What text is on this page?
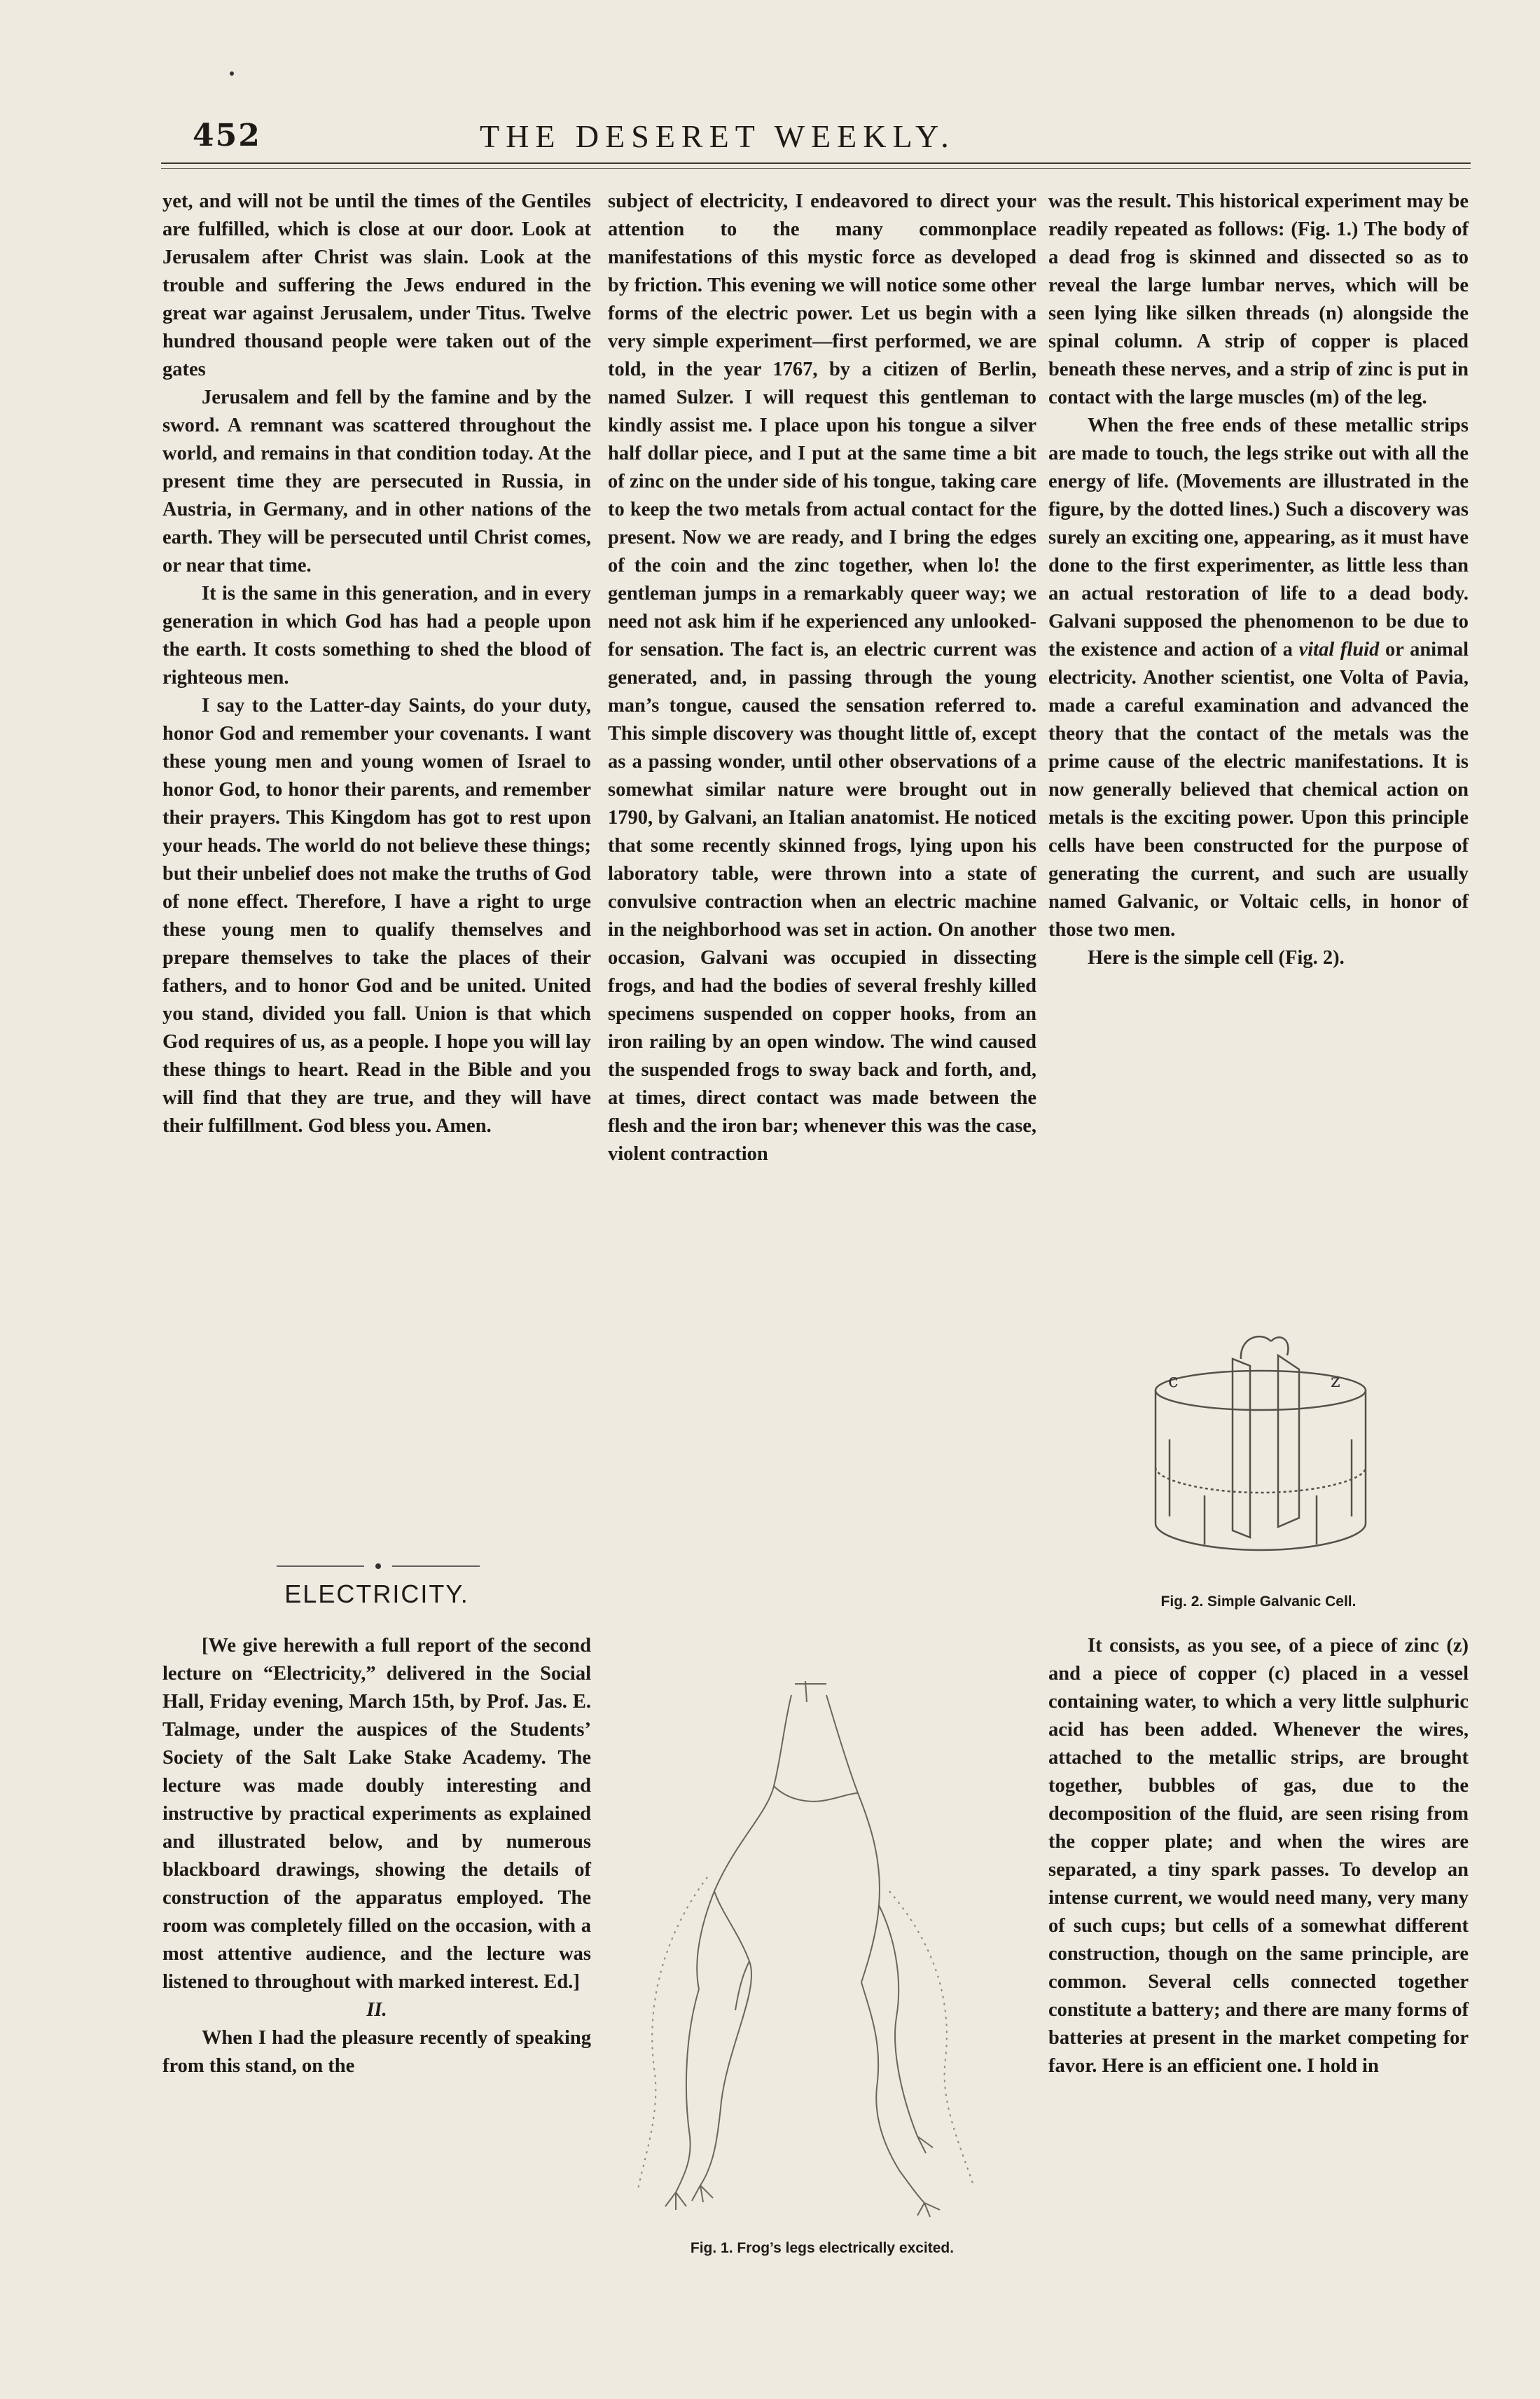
452	THE DESERET WEEKLY.

yet, and will not be until the times of the Gentiles are fulfilled, which is close at our door. Look at Jerusalem after Christ was slain. Look at the trouble and suffering the Jews endured in the great war against Jerusalem, under Titus. Twelve hundred thousand people were taken out of the gates

Jerusalem and fell by the famine and by the sword. A remnant was scattered throughout the world, and remains in that condition today. At the present time they are persecuted in Russia, in Austria, in Germany, and in other nations of the earth. They will be persecuted until Christ comes, or near that time.

It is the same in this generation, and in every generation in which God has had a people upon the earth. It costs something to shed the blood of righteous men.

I say to the Latter-day Saints, do your duty, honor God and remember your covenants. I want these young men and young women of Israel to honor God, to honor their parents, and remember their prayers. This Kingdom has got to rest upon your heads. The world do not believe these things; but their unbelief does not make the truths of God of none effect. Therefore, I have a right to urge these young men to qualify themselves and prepare themselves to take the places of their fathers, and to honor God and be united. United you stand, divided you fall. Union is that which God requires of us, as a people. I hope you will lay these things to heart. Read in the Bible and you will find that they are true, and they will have their fulfillment. God bless you. Amen.

ELECTRICITY.

[We give herewith a full report of the second lecture on “Electricity,” delivered in the Social Hall, Friday evening, March 15th, by Prof. Jas. E. Talmage, under the auspices of the Students’ Society of the Salt Lake Stake Academy. The lecture was made doubly interesting and instructive by practical experiments as explained and illustrated below, and by numerous blackboard drawings, showing the details of construction of the apparatus employed. The room was completely filled on the occasion, with a most attentive audience, and the lecture was listened to throughout with marked interest. Ed.]

II.

When I had the pleasure recently of speaking from this stand, on the

subject of electricity, I endeavored to direct your attention to the many commonplace manifestations of this mystic force as developed by friction. This evening we will notice some other forms of the electric power. Let us begin with a very simple experiment—first performed, we are told, in the year 1767, by a citizen of Berlin, named Sulzer. I will request this gentleman to kindly assist me. I place upon his tongue a silver half dollar piece, and I put at the same time a bit of zinc on the under side of his tongue, taking care to keep the two metals from actual contact for the present. Now we are ready, and I bring the edges of the coin and the zinc together, when lo! the gentleman jumps in a remarkably queer way; we need not ask him if he experienced any unlooked-for sensation. The fact is, an electric current was generated, and, in passing through the young man’s tongue, caused the sensation referred to. This simple discovery was thought little of, except as a passing wonder, until other observations of a somewhat similar nature were brought out in 1790, by Galvani, an Italian anatomist. He noticed that some recently skinned frogs, lying upon his laboratory table, were thrown into a state of convulsive contraction when an electric machine in the neighborhood was set in action. On another occasion, Galvani was occupied in dissecting frogs, and had the bodies of several freshly killed specimens suspended on copper hooks, from an iron railing by an open window. The wind caused the suspended frogs to sway back and forth, and, at times, direct contact was made between the flesh and the iron bar; whenever this was the case, violent contraction

Fig. 1. Frog’s legs electrically excited.

was the result. This historical experiment may be readily repeated as follows: (Fig. 1.) The body of a dead frog is skinned and dissected so as to reveal the large lumbar nerves, which will be seen lying like silken threads (n) alongside the spinal column. A strip of copper is placed beneath these nerves, and a strip of zinc is put in contact with the large muscles (m) of the leg.

When the free ends of these metallic strips are made to touch, the legs strike out with all the energy of life. (Movements are illustrated in the figure, by the dotted lines.) Such a discovery was surely an exciting one, appearing, as it must have done to the first experimenter, as little less than an actual restoration of life to a dead body. Galvani supposed the phenomenon to be due to the existence and action of a vital fluid or animal electricity. Another scientist, one Volta of Pavia, made a careful examination and advanced the theory that the contact of the metals was the prime cause of the electric manifestations. It is now generally believed that chemical action on metals is the exciting power. Upon this principle cells have been constructed for the purpose of generating the current, and such are usually named Galvanic, or Voltaic cells, in honor of those two men.

Here is the simple cell (Fig. 2).

c	z
Fig. 2. Simple Galvanic Cell.

It consists, as you see, of a piece of zinc (z) and a piece of copper (c) placed in a vessel containing water, to which a very little sulphuric acid has been added. Whenever the wires, attached to the metallic strips, are brought together, bubbles of gas, due to the decomposition of the fluid, are seen rising from the copper plate; and when the wires are separated, a tiny spark passes. To develop an intense current, we would need many, very many of such cups; but cells of a somewhat different construction, though on the same principle, are common. Several cells connected together constitute a battery; and there are many forms of batteries at present in the market competing for favor. Here is an efficient one. I hold in
